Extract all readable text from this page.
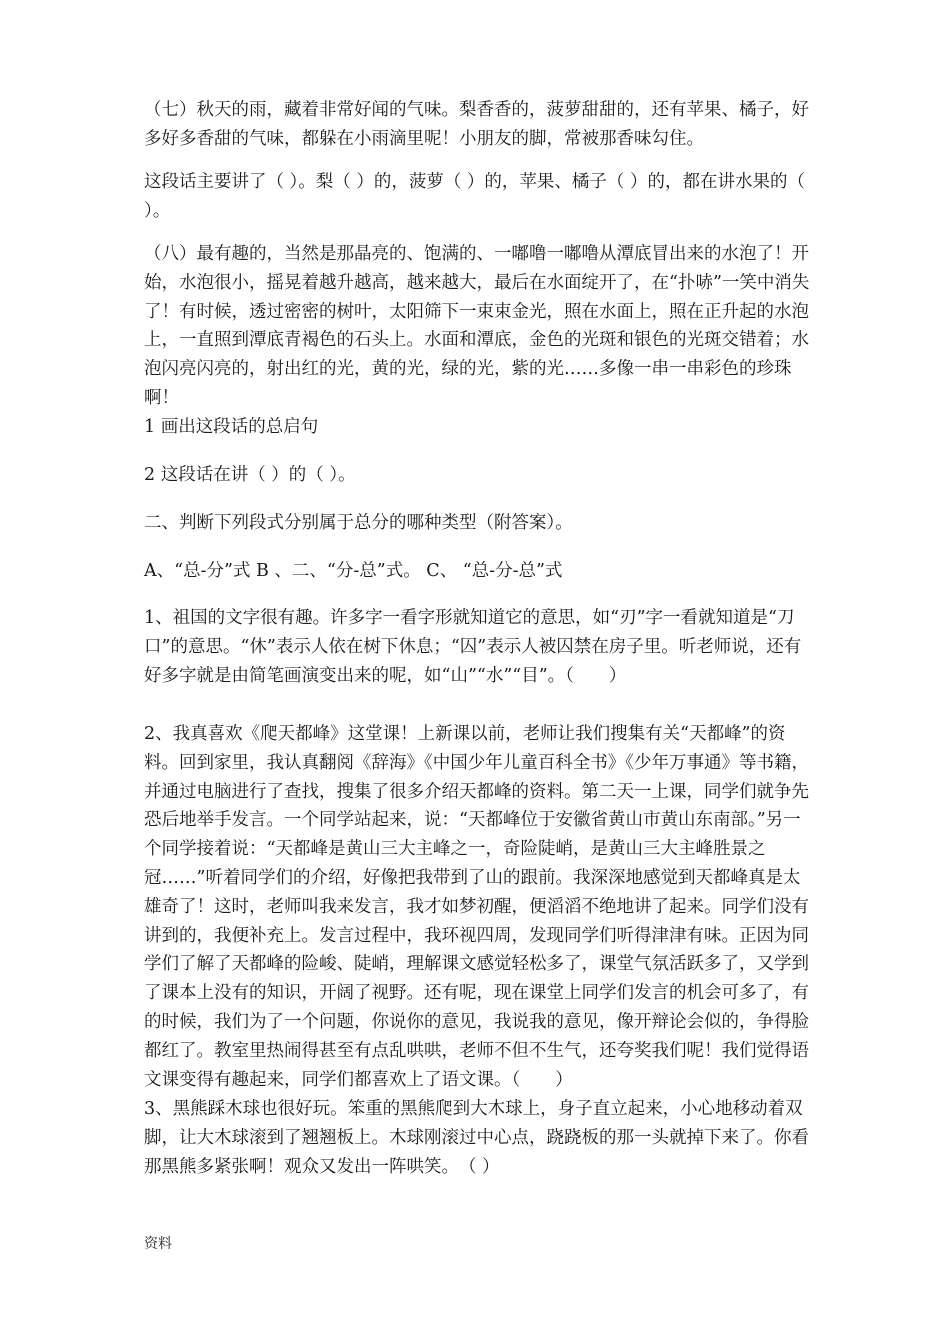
（七）秋天的雨，藏着非常好闻的气味。梨香香的，菠萝甜甜的，还有苹果、橘子，好多好多香甜的气味，都躲在小雨滴里呢！小朋友的脚，常被那香味勾住。

这段话主要讲了（ ）。梨（ ）的，菠萝（ ）的，苹果、橘子（ ）的，都在讲水果的（ ）。

（八）最有趣的，当然是那晶亮的、饱满的、一嘟噜一嘟噜从潭底冒出来的水泡了！开始，水泡很小，摇晃着越升越高，越来越大，最后在水面绽开了，在“扑哧”一笑中消失了！有时候，透过密密的树叶，太阳筛下一束束金光，照在水面上，照在正升起的水泡上，一直照到潭底青褐色的石头上。水面和潭底，金色的光斑和银色的光斑交错着；水泡闪亮闪亮的，射出红的光，黄的光，绿的光，紫的光……多像一串一串彩色的珍珠啊！

1 画出这段话的总启句

2 这段话在讲（ ）的（ ）。

二、判断下列段式分别属于总分的哪种类型（附答案）。

A、“总-分”式 B 、二、“分-总”式。 C、 “总-分-总”式

1、祖国的文字很有趣。许多字一看字形就知道它的意思，如“刃”字一看就知道是“刀口”的意思。“休”表示人依在树下休息；“囚”表示人被囚禁在房子里。听老师说，还有好多字就是由简笔画演变出来的呢，如“山”“水”“目”。（　　）

2、我真喜欢《爬天都峰》这堂课！上新课以前，老师让我们搜集有关“天都峰”的资料。回到家里，我认真翻阅《辞海》《中国少年儿童百科全书》《少年万事通》等书籍，并通过电脑进行了查找，搜集了很多介绍天都峰的资料。第二天一上课，同学们就争先恐后地举手发言。一个同学站起来，说：“天都峰位于安徽省黄山市黄山东南部。”另一个同学接着说：“天都峰是黄山三大主峰之一，奇险陡峭，是黄山三大主峰胜景之冠……”听着同学们的介绍，好像把我带到了山的跟前。我深深地感觉到天都峰真是太雄奇了！这时，老师叫我来发言，我才如梦初醒，便滔滔不绝地讲了起来。同学们没有讲到的，我便补充上。发言过程中，我环视四周，发现同学们听得津津有味。正因为同学们了解了天都峰的险峻、陡峭，理解课文感觉轻松多了，课堂气氛活跃多了，又学到了课本上没有的知识，开阔了视野。还有呢，现在课堂上同学们发言的机会可多了，有的时候，我们为了一个问题，你说你的意见，我说我的意见，像开辩论会似的，争得脸都红了。教室里热闹得甚至有点乱哄哄，老师不但不生气，还夸奖我们呢！我们觉得语文课变得有趣起来，同学们都喜欢上了语文课。（　　）

3、黑熊踩木球也很好玩。笨重的黑熊爬到大木球上，身子直立起来，小心地移动着双脚，让大木球滚到了翘翘板上。木球刚滚过中心点，跷跷板的那一头就掉下来了。你看那黑熊多紧张啊！观众又发出一阵哄笑。　（ ）

资料
